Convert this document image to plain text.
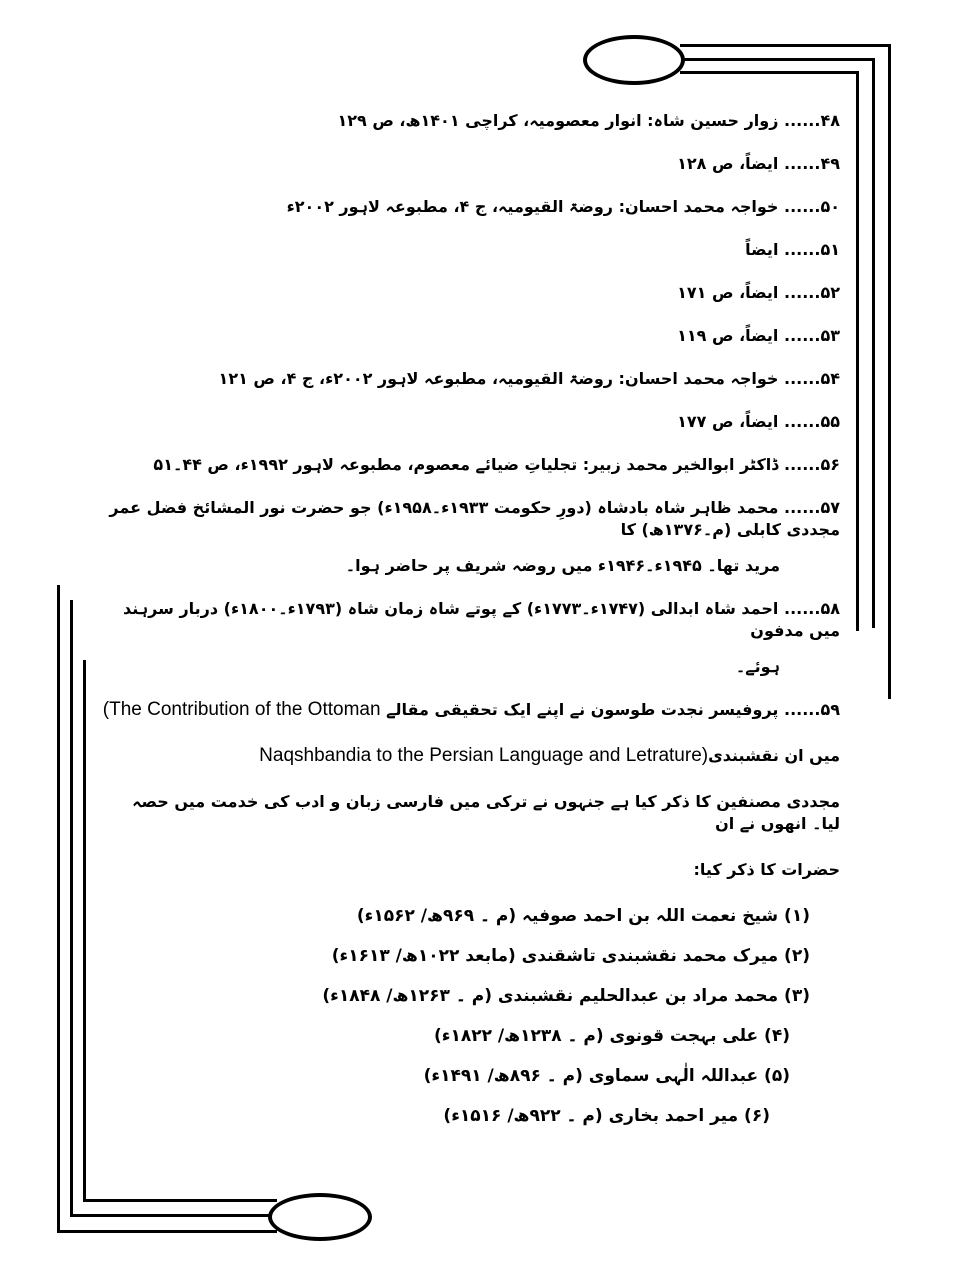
۴۸...... زوار حسین شاہ: انوار معصومیہ، کراچی ۱۴۰۱ھ، ص ۱۲۹
۴۹...... ایضاً، ص ۱۲۸
۵۰...... خواجہ محمد احسان: روضۃ القیومیہ، ج ۴، مطبوعہ لاہور ۲۰۰۲ء
۵۱...... ایضاً
۵۲...... ایضاً، ص ۱۷۱
۵۳...... ایضاً، ص ۱۱۹
۵۴...... خواجہ محمد احسان: روضۃ القیومیہ، مطبوعہ لاہور ۲۰۰۲ء، ج ۴، ص ۱۲۱
۵۵...... ایضاً، ص ۱۷۷
۵۶...... ڈاکٹر ابوالخیر محمد زبیر: تجلیاتِ ضیائے معصوم، مطبوعہ لاہور ۱۹۹۲ء، ص ۴۴۔۵۱
۵۷...... محمد ظاہر شاہ بادشاہ (دورِ حکومت ۱۹۳۳ء۔۱۹۵۸ء) جو حضرت نور المشائخ فضل عمر مجددی کابلی (م۔۱۳۷۶ھ) کا
مرید تھا۔ ۱۹۴۵ء۔۱۹۴۶ء میں روضہ شریف پر حاضر ہوا۔
۵۸...... احمد شاہ ابدالی (۱۷۴۷ء۔۱۷۷۳ء) کے پوتے شاہ زمان شاہ (۱۷۹۳ء۔۱۸۰۰ء) دربار سرہند میں مدفون
ہوئے۔
۵۹...... پروفیسر نجدت طوسون نے اپنے ایک تحقیقی مقالے (The Contribution of the Ottoman
میں ان نقشبندیNaqshbandia to the Persian Language and Letrature)
مجددی مصنفین کا ذکر کیا ہے جنہوں نے ترکی میں فارسی زبان و ادب کی خدمت میں حصہ لیا۔ انھوں نے ان
حضرات کا ذکر کیا:
(۱) شیخ نعمت اللہ بن احمد صوفیہ (م ۔ ۹۶۹ھ/ ۱۵۶۲ء)
(۲) میرک محمد نقشبندی تاشقندی (مابعد ۱۰۲۲ھ/ ۱۶۱۳ء)
(۳) محمد مراد بن عبدالحلیم نقشبندی (م ۔ ۱۲۶۳ھ/ ۱۸۴۸ء)
(۴) علی بہجت قونوی (م ۔ ۱۲۳۸ھ/ ۱۸۲۲ء)
(۵) عبداللہ الٰہی سماوی (م ۔ ۸۹۶ھ/ ۱۴۹۱ء)
(۶) میر احمد بخاری (م ۔ ۹۲۲ھ/ ۱۵۱۶ء)
